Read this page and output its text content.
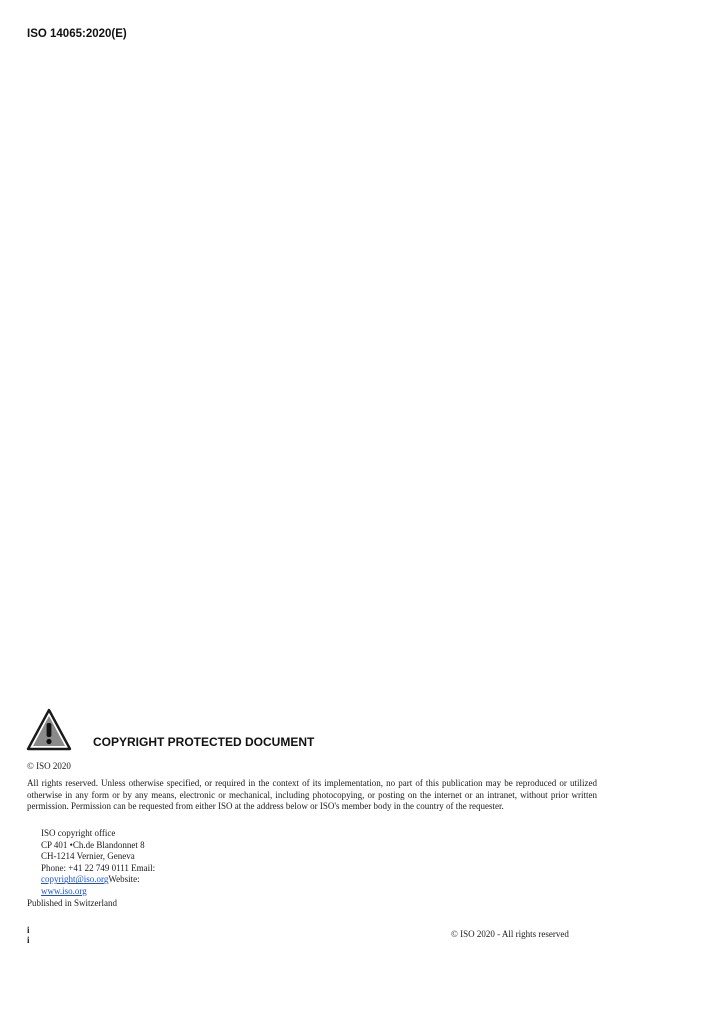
ISO 14065:2020(E)
COPYRIGHT PROTECTED DOCUMENT
© ISO 2020

All rights reserved. Unless otherwise specified, or required in the context of its implementation, no part of this publication may be reproduced or utilized otherwise in any form or by any means, electronic or mechanical, including photocopying, or posting on the internet or an intranet, without prior written permission. Permission can be requested from either ISO at the address below or ISO's member body in the country of the requester.

ISO copyright office
CP 401 •Ch.de Blandonnet 8
CH-1214 Vernier, Geneva
Phone: +41 22 749 0111 Email:
copyright@iso.orgWebsite:
www.iso.org
Published in Switzerland
i
i
© ISO 2020 - All rights reserved
